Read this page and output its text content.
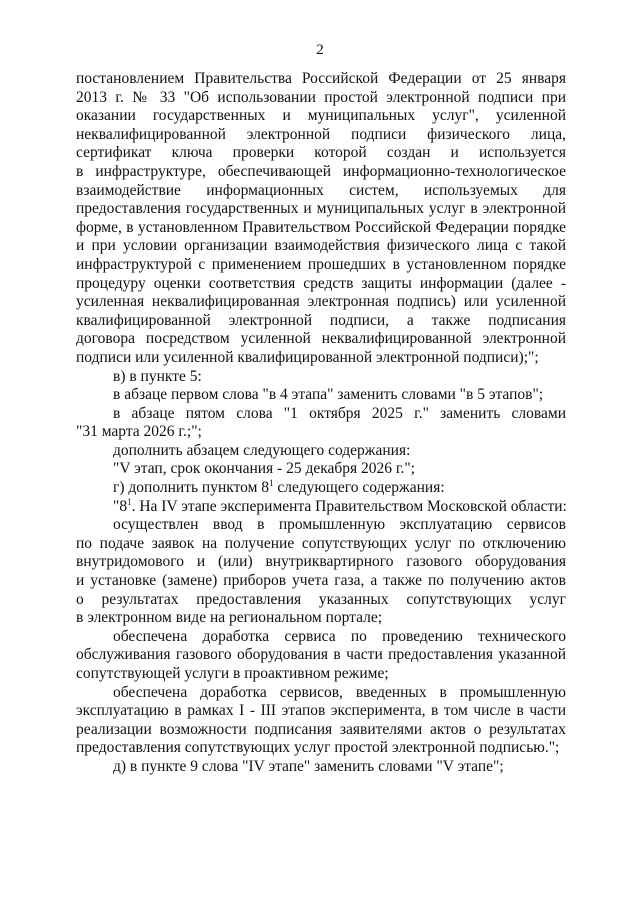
2
постановлением Правительства Российской Федерации от 25 января
2013 г. № 33 "Об использовании простой электронной подписи при
оказании государственных и муниципальных услуг", усиленной
неквалифицированной электронной подписи физического лица,
сертификат ключа проверки которой создан и используется
в инфраструктуре, обеспечивающей информационно-технологическое
взаимодействие информационных систем, используемых для
предоставления государственных и муниципальных услуг в электронной
форме, в установленном Правительством Российской Федерации порядке
и при условии организации взаимодействия физического лица с такой
инфраструктурой с применением прошедших в установленном порядке
процедуру оценки соответствия средств защиты информации (далее -
усиленная неквалифицированная электронная подпись) или усиленной
квалифицированной электронной подписи, а также подписания
договора посредством усиленной неквалифицированной электронной
подписи или усиленной квалифицированной электронной подписи);";
в) в пункте 5:
в абзаце первом слова "в 4 этапа" заменить словами "в 5 этапов";
в абзаце пятом слова "1 октября 2025 г." заменить словами
"31 марта 2026 г.;";
дополнить абзацем следующего содержания:
"V этап, срок окончания - 25 декабря 2026 г.";
г) дополнить пунктом $8^1$ следующего содержания:
"$8^1$. На IV этапе эксперимента Правительством Московской области:
осуществлен ввод в промышленную эксплуатацию сервисов
по подаче заявок на получение сопутствующих услуг по отключению
внутридомового и (или) внутриквартирного газового оборудования
и установке (замене) приборов учета газа, а также по получению актов
о результатах предоставления указанных сопутствующих услуг
в электронном виде на региональном портале;
обеспечена доработка сервиса по проведению технического
обслуживания газового оборудования в части предоставления указанной
сопутствующей услуги в проактивном режиме;
обеспечена доработка сервисов, введенных в промышленную
эксплуатацию в рамках I - III этапов эксперимента, в том числе в части
реализации возможности подписания заявителями актов о результатах
предоставления сопутствующих услуг простой электронной подписью.";
д) в пункте 9 слова "IV этапе" заменить словами "V этапе";
